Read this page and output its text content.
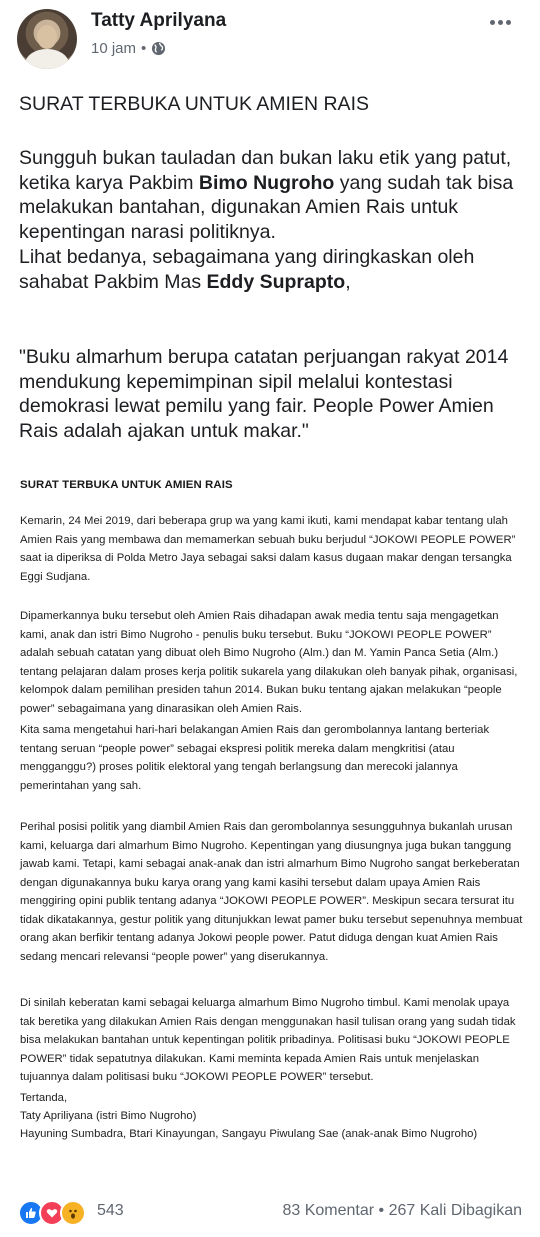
Tatty Aprilyana
10 jam •
SURAT TERBUKA UNTUK AMIEN RAIS
Sungguh bukan tauladan dan bukan laku etik yang patut, ketika karya Pakbim Bimo Nugroho yang sudah tak bisa melakukan bantahan, digunakan Amien Rais untuk kepentingan narasi politiknya.
Lihat bedanya, sebagaimana yang diringkaskan oleh sahabat Pakbim Mas Eddy Suprapto,
"Buku almarhum berupa catatan perjuangan rakyat 2014 mendukung kepemimpinan sipil melalui kontestasi demokrasi lewat pemilu yang fair. People Power Amien Rais adalah ajakan untuk makar."
SURAT TERBUKA UNTUK AMIEN RAIS
Kemarin, 24 Mei 2019, dari beberapa grup wa yang kami ikuti, kami mendapat kabar tentang ulah Amien Rais yang membawa dan memamerkan sebuah buku berjudul “JOKOWI PEOPLE POWER” saat ia diperiksa di Polda Metro Jaya sebagai saksi dalam kasus dugaan makar dengan tersangka Eggi Sudjana.
Dipamerkannya buku tersebut oleh Amien Rais dihadapan awak media tentu saja mengagetkan kami, anak dan istri Bimo Nugroho - penulis buku tersebut. Buku “JOKOWI PEOPLE POWER” adalah sebuah catatan yang dibuat oleh Bimo Nugroho (Alm.) dan M. Yamin Panca Setia (Alm.) tentang pelajaran dalam proses kerja politik sukarela yang dilakukan oleh banyak pihak, organisasi, kelompok dalam pemilihan presiden tahun 2014. Bukan buku tentang ajakan melakukan “people power” sebagaimana yang dinarasikan oleh Amien Rais.
Kita sama mengetahui hari-hari belakangan Amien Rais dan gerombolannya lantang berteriak tentang seruan “people power” sebagai ekspresi politik mereka dalam mengkritisi (atau mengganggu?) proses politik elektoral yang tengah berlangsung dan merecoki jalannya pemerintahan yang sah.
Perihal posisi politik yang diambil Amien Rais dan gerombolannya sesungguhnya bukanlah urusan kami, keluarga dari almarhum Bimo Nugroho. Kepentingan yang diusungnya juga bukan tanggung jawab kami. Tetapi, kami sebagai anak-anak dan istri almarhum Bimo Nugroho sangat berkeberatan dengan digunakannya buku karya orang yang kami kasihi tersebut dalam upaya Amien Rais menggiring opini publik tentang adanya “JOKOWI PEOPLE POWER”. Meskipun secara tersurat itu tidak dikatakannya, gestur politik yang ditunjukkan lewat pamer buku tersebut sepenuhnya membuat orang akan berfikir tentang adanya Jokowi people power. Patut diduga dengan kuat Amien Rais sedang mencari relevansi “people power” yang diserukannya.
Di sinilah keberatan kami sebagai keluarga almarhum Bimo Nugroho timbul. Kami menolak upaya tak beretika yang dilakukan Amien Rais dengan menggunakan hasil tulisan orang yang sudah tidak bisa melakukan bantahan untuk kepentingan politik pribadinya. Politisasi buku “JOKOWI PEOPLE POWER” tidak sepatutnya dilakukan. Kami meminta kepada Amien Rais untuk menjelaskan tujuannya dalam politisasi buku “JOKOWI PEOPLE POWER” tersebut.
Tertanda,
Taty Apriliyana (istri Bimo Nugroho)
Hayuning Sumbadra, Btari Kinayungan, Sangayu Piwulang Sae (anak-anak Bimo Nugroho)
543	83 Komentar • 267 Kali Dibagikan
